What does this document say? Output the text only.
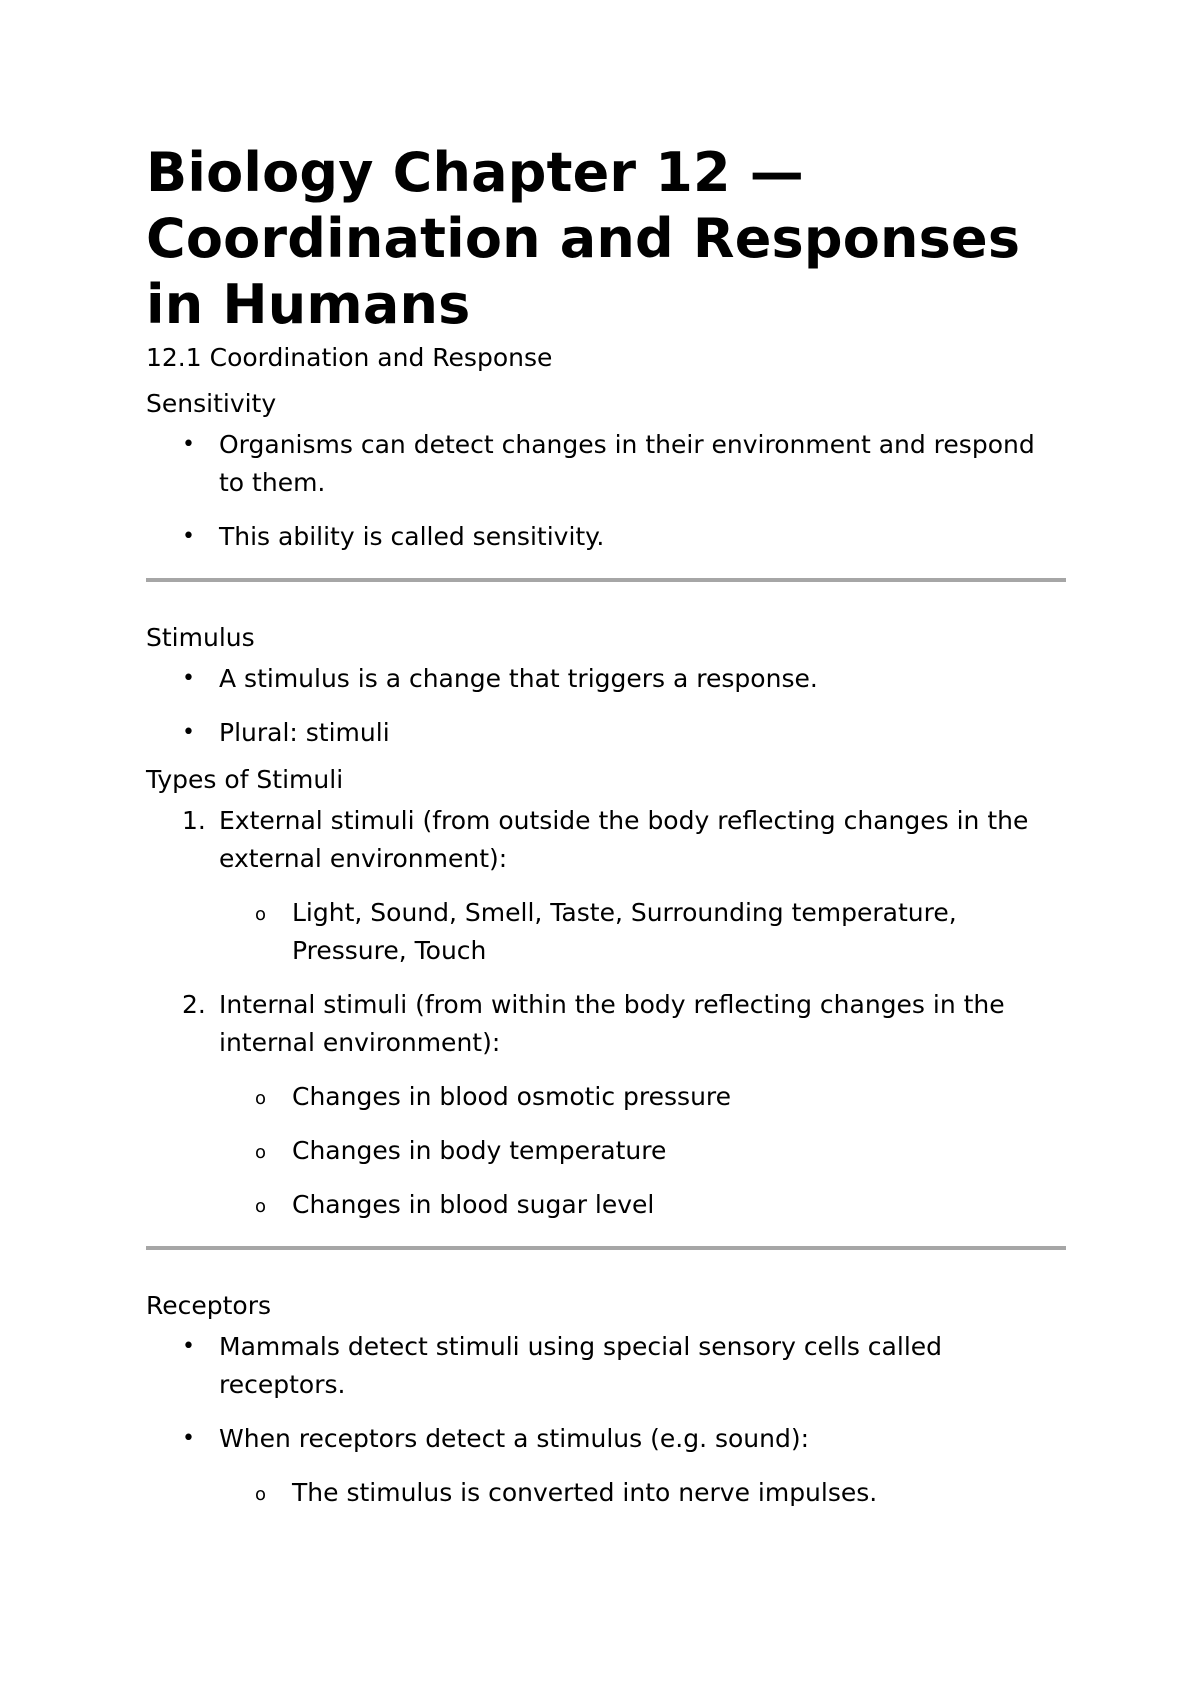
Biology Chapter 12 — Coordination and Responses in Humans

12.1 Coordination and Response

Sensitivity

• Organisms can detect changes in their environment and respond to them.
• This ability is called sensitivity.

Stimulus

• A stimulus is a change that triggers a response.
• Plural: stimuli

Types of Stimuli

1. External stimuli (from outside the body reflecting changes in the external environment):
o Light, Sound, Smell, Taste, Surrounding temperature, Pressure, Touch
2. Internal stimuli (from within the body reflecting changes in the internal environment):
o Changes in blood osmotic pressure
o Changes in body temperature
o Changes in blood sugar level

Receptors

• Mammals detect stimuli using special sensory cells called receptors.
• When receptors detect a stimulus (e.g. sound):
o The stimulus is converted into nerve impulses.
